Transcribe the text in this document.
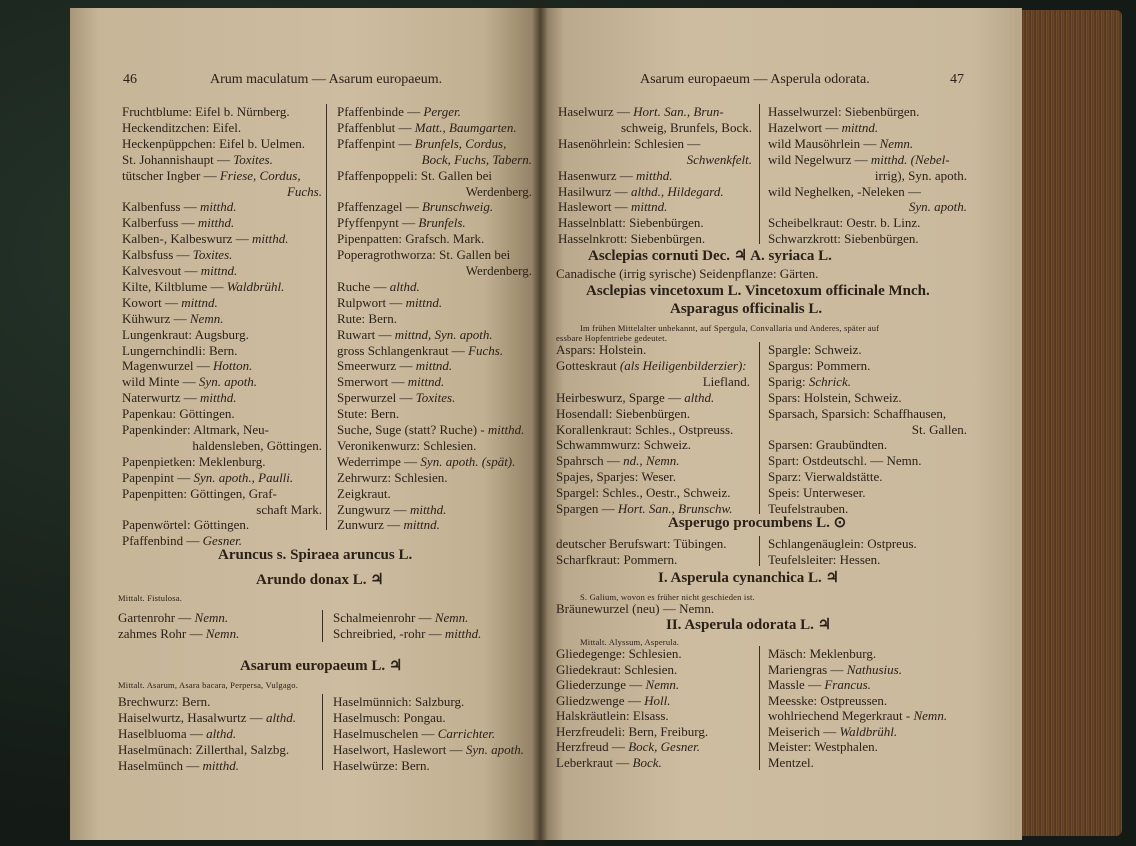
46	Arum maculatum — Asarum europaeum.
Fruchtblume: Eifel b. Nürnberg.
Heckenditzchen: Eifel.
Heckenpüppchen: Eifel b. Uelmen.
St. Johannishaupt — Toxites.
tütscher Ingber — Friese, Cordus,
Fuchs.
Kalbenfuss — mitthd.
Kalberfuss — mitthd.
Kalben-, Kalbeswurz — mitthd.
Kalbsfuss — Toxites.
Kalvesvout — mittnd.
Kilte, Kiltblume — Waldbrühl.
Kowort — mittnd.
Kühwurz — Nemn.
Lungenkraut: Augsburg.
Lungernchindli: Bern.
Magenwurzel — Hotton.
wild Minte — Syn. apoth.
Naterwurtz — mitthd.
Papenkau: Göttingen.
Papenkinder: Altmark, Neu-
haldensleben, Göttingen.
Papenpietken: Meklenburg.
Papenpint — Syn. apoth., Paulli.
Papenpitten: Göttingen, Graf-
schaft Mark.
Papenwörtel: Göttingen.
Pfaffenbind — Gesner.
Pfaffenbinde — Perger.
Pfaffenblut — Matt., Baumgarten.
Pfaffenpint — Brunfels, Cordus,
Bock, Fuchs, Tabern.
Pfaffenpoppeli: St. Gallen bei
Werdenberg.
Pfaffenzagel — Brunschweig.
Pfyffenpynt — Brunfels.
Pipenpatten: Grafsch. Mark.
Poperagrothworza: St. Gallen bei
Werdenberg.
Ruche — althd.
Rulpwort — mittnd.
Rute: Bern.
Ruwart — mittnd, Syn. apoth.
gross Schlangenkraut — Fuchs.
Smeerwurz — mittnd.
Smerwort — mittnd.
Sperwurzel — Toxites.
Stute: Bern.
Suche, Suge (statt? Ruche) - mitthd.
Veronikenwurz: Schlesien.
Wederrimpe — Syn. apoth. (spät).
Zehrwurz: Schlesien.
Zeigkraut.
Zungwurz — mitthd.
Zunwurz — mittnd.
Aruncus s. Spiraea aruncus L.
Arundo donax L. ♃
Mittalt. Fistulosa.
Gartenrohr — Nemn.
zahmes Rohr — Nemn.
Schalmeienrohr — Nemn.
Schreibried, -rohr — mitthd.
Asarum europaeum L. ♃
Mittalt. Asarum, Asara bacara, Perpersa, Vulgago.
Brechwurz: Bern.
Haiselwurtz, Hasalwurtz — althd.
Haselbluoma — althd.
Haselmünach: Zillerthal, Salzbg.
Haselmünch — mitthd.
Haselmünnich: Salzburg.
Haselmusch: Pongau.
Haselmuschelen — Carrichter.
Haselwort, Haslewort — Syn. apoth.
Haselwürze: Bern.
Asarum europaeum — Asperula odorata.	47
Haselwurz — Hort. San., Brun-
schweig, Brunfels, Bock.
Hasenöhrlein: Schlesien —
Schwenkfelt.
Hasenwurz — mitthd.
Hasilwurz — althd., Hildegard.
Haslewort — mittnd.
Hasselnblatt: Siebenbürgen.
Hasselnkrott: Siebenbürgen.
Hasselwurzel: Siebenbürgen.
Hazelwort — mittnd.
wild Mausöhrlein — Nemn.
wild Negelwurz — mitthd. (Nebel-
irrig), Syn. apoth.
wild Neghelken, -Neleken —
Syn. apoth.
Scheibelkraut: Oestr. b. Linz.
Schwarzkrott: Siebenbürgen.
Asclepias cornuti Dec. ♃ A. syriaca L.
Canadische (irrig syrische) Seidenpflanze: Gärten.
Asclepias vincetoxum L. Vincetoxum officinale Mnch.
Asparagus officinalis L.
Im frühen Mittelalter unbekannt, auf Spergula, Convallaria und Anderes, später auf
essbare Hopfentriebe gedeutet.
Aspars: Holstein.
Gotteskraut (als Heiligenbilderzier):
Liefland.
Heirbeswurz, Sparge — althd.
Hosendall: Siebenbürgen.
Korallenkraut: Schles., Ostpreuss.
Schwammwurz: Schweiz.
Spahrsch — nd., Nemn.
Spajes, Sparjes: Weser.
Spargel: Schles., Oestr., Schweiz.
Spargen — Hort. San., Brunschw.
Spargle: Schweiz.
Spargus: Pommern.
Sparig: Schrick.
Spars: Holstein, Schweiz.
Sparsach, Sparsich: Schaffhausen,
St. Gallen.
Sparsen: Graubündten.
Spart: Ostdeutschl. — Nemn.
Sparz: Vierwaldstätte.
Speis: Unterweser.
Teufelstrauben.
Asperugo procumbens L. ⊙
deutscher Berufswart: Tübingen.
Scharfkraut: Pommern.
Schlangenäuglein: Ostpreus.
Teufelsleiter: Hessen.
I. Asperula cynanchica L. ♃
S. Galium, wovon es früher nicht geschieden ist.
Bräunewurzel (neu) — Nemn.
II. Asperula odorata L. ♃
Mittalt. Alyssum, Asperula.
Gliedegenge: Schlesien.
Gliedekraut: Schlesien.
Gliederzunge — Nemn.
Gliedzwenge — Holl.
Halskräutlein: Elsass.
Herzfreudeli: Bern, Freiburg.
Herzfreud — Bock, Gesner.
Leberkraut — Bock.
Mäsch: Meklenburg.
Mariengras — Nathusius.
Massle — Francus.
Meesske: Ostpreussen.
wohlriechend Megerkraut - Nemn.
Meiserich — Waldbrühl.
Meister: Westphalen.
Mentzel.
